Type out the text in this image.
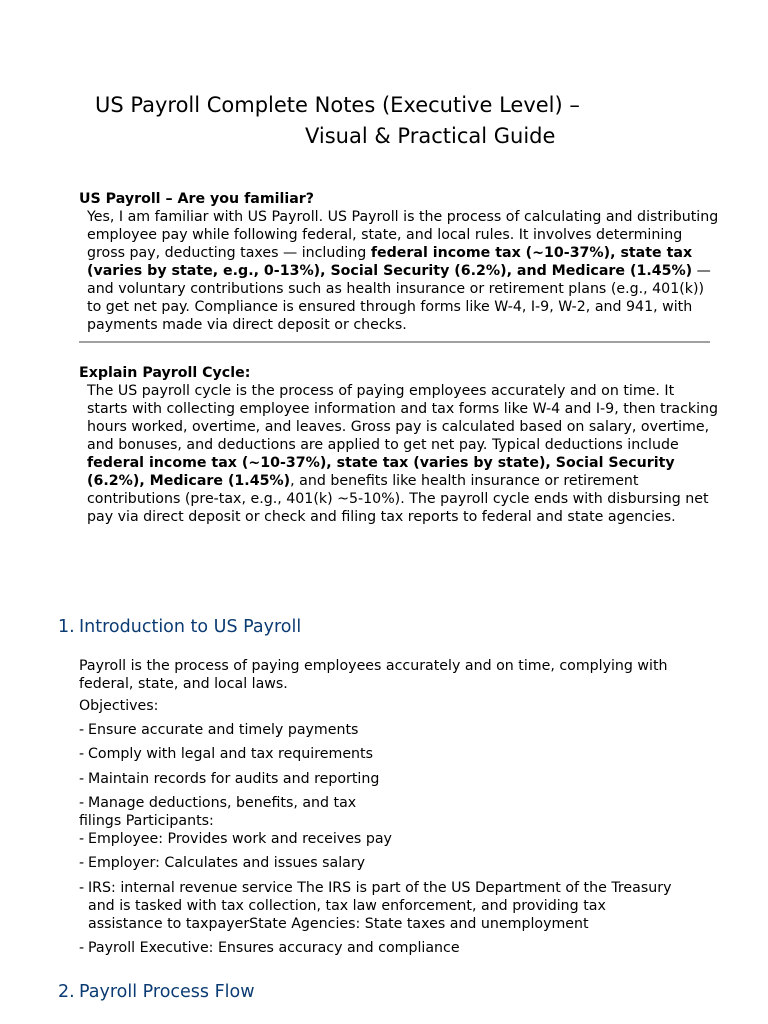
US Payroll Complete Notes (Executive Level) –
Visual & Practical Guide
US Payroll – Are you familiar?
Yes, I am familiar with US Payroll. US Payroll is the process of calculating and distributing employee pay while following federal, state, and local rules. It involves determining gross pay, deducting taxes — including federal income tax (~10-37%), state tax (varies by state, e.g., 0-13%), Social Security (6.2%), and Medicare (1.45%) — and voluntary contributions such as health insurance or retirement plans (e.g., 401(k)) to get net pay. Compliance is ensured through forms like W-4, I-9, W-2, and 941, with payments made via direct deposit or checks.
Explain Payroll Cycle:
The US payroll cycle is the process of paying employees accurately and on time. It starts with collecting employee information and tax forms like W-4 and I-9, then tracking hours worked, overtime, and leaves. Gross pay is calculated based on salary, overtime, and bonuses, and deductions are applied to get net pay. Typical deductions include federal income tax (~10-37%), state tax (varies by state), Social Security (6.2%), Medicare (1.45%), and benefits like health insurance or retirement contributions (pre-tax, e.g., 401(k) ~5-10%). The payroll cycle ends with disbursing net pay via direct deposit or check and filing tax reports to federal and state agencies.
1. Introduction to US Payroll
Payroll is the process of paying employees accurately and on time, complying with federal, state, and local laws.
Objectives:
- Ensure accurate and timely payments
- Comply with legal and tax requirements
- Maintain records for audits and reporting
- Manage deductions, benefits, and tax
filings Participants:
- Employee: Provides work and receives pay
- Employer: Calculates and issues salary
- IRS: internal revenue service The IRS is part of the US Department of the Treasury and is tasked with tax collection, tax law enforcement, and providing tax assistance to taxpayerState Agencies: State taxes and unemployment
- Payroll Executive: Ensures accuracy and compliance
2. Payroll Process Flow
